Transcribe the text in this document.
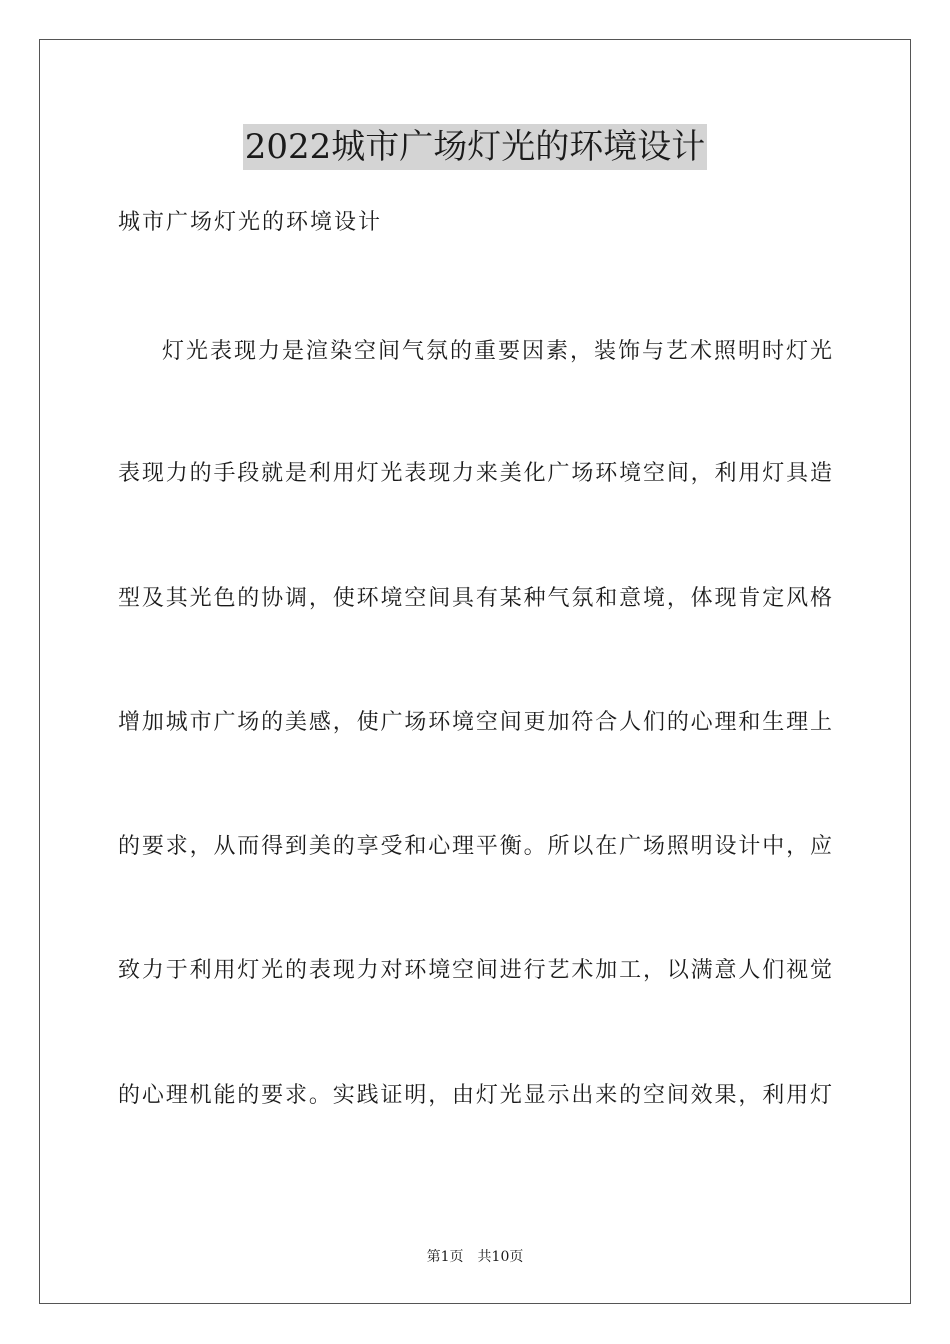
2022城市广场灯光的环境设计

城市广场灯光的环境设计

灯光表现力是渲染空间气氛的重要因素，装饰与艺术照明时灯光

表现力的手段就是利用灯光表现力来美化广场环境空间，利用灯具造

型及其光色的协调，使环境空间具有某种气氛和意境，体现肯定风格

增加城市广场的美感，使广场环境空间更加符合人们的心理和生理上

的要求，从而得到美的享受和心理平衡。所以在广场照明设计中，应

致力于利用灯光的表现力对环境空间进行艺术加工，以满意人们视觉

的心理机能的要求。实践证明，由灯光显示出来的空间效果，利用灯

第1页 共10页
